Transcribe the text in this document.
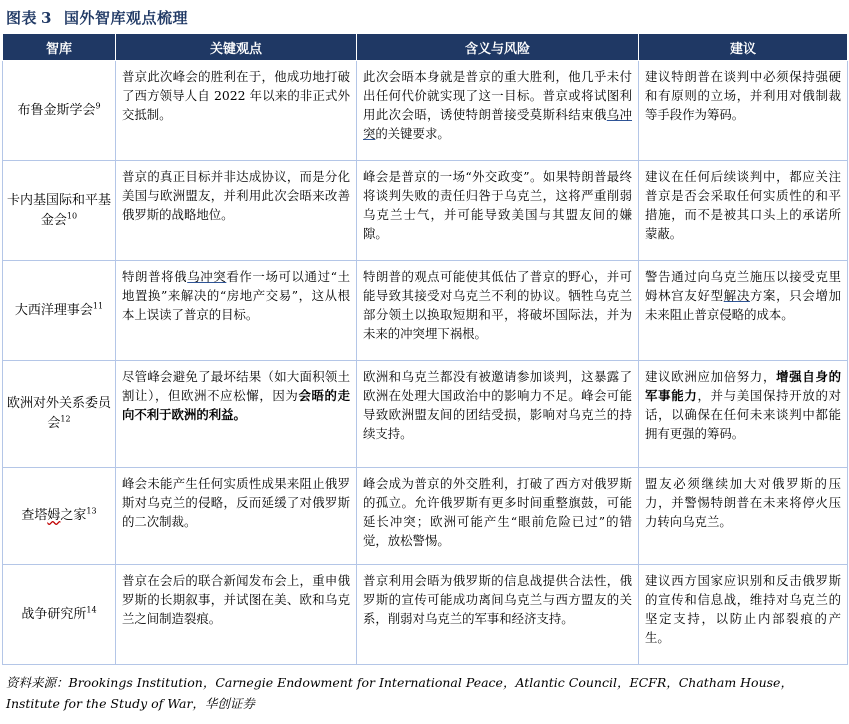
图表 3 国外智库观点梳理
智库	关键观点	含义与风险	建议
布鲁金斯学会$^9$	普京此次峰会的胜利在于，他成功地打破了西方领导人自 2022 年以来的非正式外交抵制。	此次会晤本身就是普京的重大胜利，他几乎未付出任何代价就实现了这一目标。普京或将试图利用此次会晤，诱使特朗普接受莫斯科结束俄乌冲突的关键要求。	建议特朗普在谈判中必须保持强硬和有原则的立场，并利用对俄制裁等手段作为筹码。
卡内基国际和平基金会$^{10}$	普京的真正目标并非达成协议，而是分化美国与欧洲盟友，并利用此次会晤来改善俄罗斯的战略地位。	峰会是普京的一场“外交政变”。如果特朗普最终将谈判失败的责任归咎于乌克兰，这将严重削弱乌克兰士气，并可能导致美国与其盟友间的嫌隙。	建议在任何后续谈判中，都应关注普京是否会采取任何实质性的和平措施，而不是被其口头上的承诺所蒙蔽。
大西洋理事会$^{11}$	特朗普将俄乌冲突看作一场可以通过“土地置换”来解决的“房地产交易”，这从根本上误读了普京的目标。	特朗普的观点可能使其低估了普京的野心，并可能导致其接受对乌克兰不利的协议。牺牲乌克兰部分领土以换取短期和平，将破坏国际法，并为未来的冲突埋下祸根。	警告通过向乌克兰施压以接受克里姆林宫友好型解决方案，只会增加未来阻止普京侵略的成本。
欧洲对外关系委员会$^{12}$	尽管峰会避免了最坏结果（如大面积领土割让），但欧洲不应松懈，因为会晤的走向不利于欧洲的利益。	欧洲和乌克兰都没有被邀请参加谈判，这暴露了欧洲在处理大国政治中的影响力不足。峰会可能导致欧洲盟友间的团结受损，影响对乌克兰的持续支持。	建议欧洲应加倍努力，增强自身的军事能力，并与美国保持开放的对话，以确保在任何未来谈判中都能拥有更强的筹码。
查塔姆之家$^{13}$	峰会未能产生任何实质性成果来阻止俄罗斯对乌克兰的侵略，反而延缓了对俄罗斯的二次制裁。	峰会成为普京的外交胜利，打破了西方对俄罗斯的孤立。允许俄罗斯有更多时间重整旗鼓，可能延长冲突；欧洲可能产生“眼前危险已过”的错觉，放松警惕。	盟友必须继续加大对俄罗斯的压力，并警惕特朗普在未来将停火压力转向乌克兰。
战争研究所$^{14}$	普京在会后的联合新闻发布会上，重申俄罗斯的长期叙事，并试图在美、欧和乌克兰之间制造裂痕。	普京利用会晤为俄罗斯的信息战提供合法性，俄罗斯的宣传可能成功离间乌克兰与西方盟友的关系，削弱对乌克兰的军事和经济支持。	建议西方国家应识别和反击俄罗斯的宣传和信息战，维持对乌克兰的坚定支持，以防止内部裂痕的产生。
资料来源：Brookings Institution，Carnegie Endowment for International Peace，Atlantic Council，ECFR，Chatham House，Institute for the Study of War，华创证券
